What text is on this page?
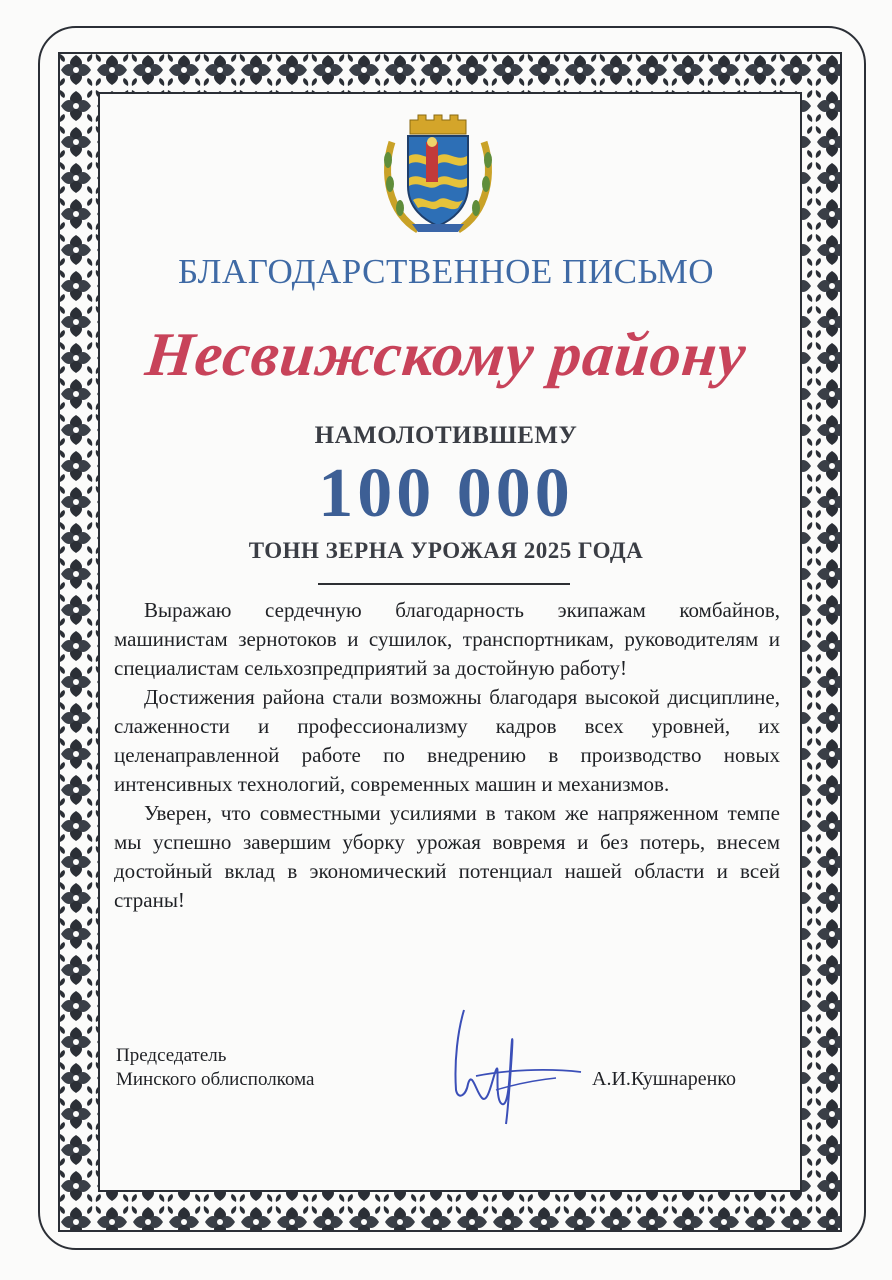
БЛАГОДАРСТВЕННОЕ ПИСЬМО
Несвижскому району
НАМОЛОТИВШЕМУ
100 000
ТОНН ЗЕРНА УРОЖАЯ 2025 ГОДА

Выражаю сердечную благодарность экипажам комбайнов, машинистам зернотоков и сушилок, транспортникам, руководителям и специалистам сельхозпредприятий за достойную работу!

Достижения района стали возможны благодаря высокой дисциплине, слаженности и профессионализму кадров всех уровней, их целенаправленной работе по внедрению в производство новых интенсивных технологий, современных машин и механизмов.

Уверен, что совместными усилиями в таком же напряженном темпе мы успешно завершим уборку урожая вовремя и без потерь, внесем достойный вклад в экономический потенциал нашей области и всей страны!

Председатель
Минского облисполкома	А.И.Кушнаренко
